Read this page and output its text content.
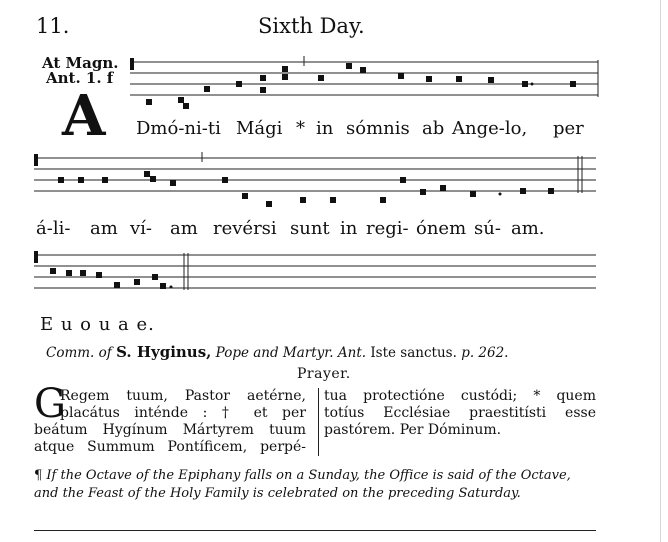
11.	Sixth Day.
At Magn.
Ant. 1. f
A Dmó-ni-ti Mági * in sómnis ab Ange-lo, per
á-li- am ví- am revérsi sunt in regi- ónem sú- am.
E u o u a e.
Comm. of S. Hyginus, Pope and Martyr. Ant. Iste sanctus. p. 262.
Prayer.
G
Regem tuum, Pastor aetérne,
placátus inténde : † et per
beátum Hygínum Mártyrem tuum
atque Summum Pontíficem, perpé-
tua protectióne custódi; * quem
totíus Ecclésiae praestitísti esse
pastórem. Per Dóminum.
¶ If the Octave of the Epiphany falls on a Sunday, the Office is said of the Octave, and the Feast of the Holy Family is celebrated on the preceding Saturday.
